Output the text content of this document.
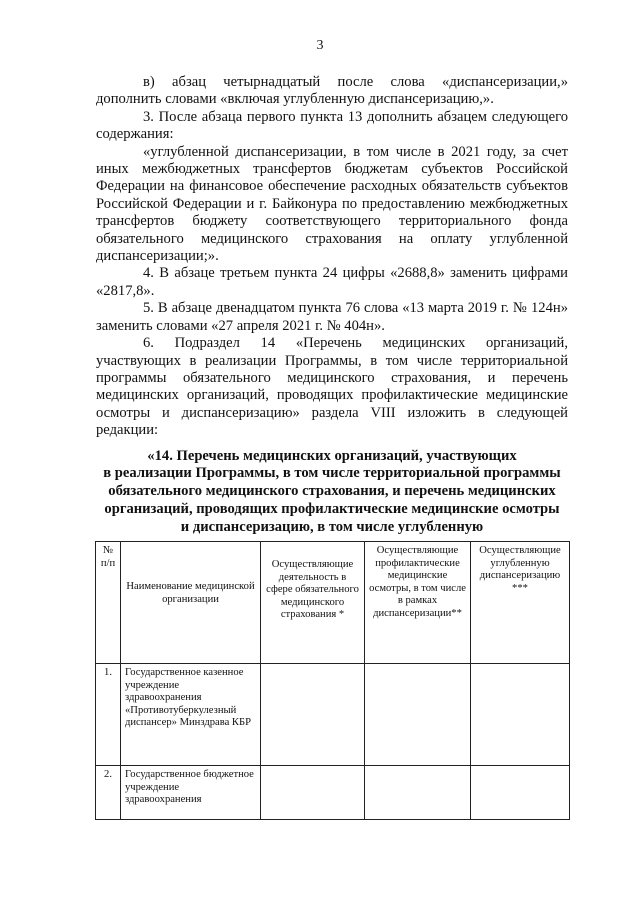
3

в) абзац четырнадцатый после слова «диспансеризации,» дополнить словами «включая углубленную диспансеризацию,».

3. После абзаца первого пункта 13 дополнить абзацем следующего содержания:

«углубленной диспансеризации, в том числе в 2021 году, за счет иных межбюджетных трансфертов бюджетам субъектов Российской Федерации на финансовое обеспечение расходных обязательств субъектов Российской Федерации и г. Байконура по предоставлению межбюджетных трансфертов бюджету соответствующего территориального фонда обязательного медицинского страхования на оплату углубленной диспансеризации;».

4. В абзаце третьем пункта 24 цифры «2688,8» заменить цифрами «2817,8».

5. В абзаце двенадцатом пункта 76 слова «13 марта 2019 г. № 124н» заменить словами «27 апреля 2021 г. № 404н».

6. Подраздел 14 «Перечень медицинских организаций, участвующих в реализации Программы, в том числе территориальной программы обязательного медицинского страхования, и перечень медицинских организаций, проводящих профилактические медицинские осмотры и диспансеризацию» раздела VIII изложить в следующей редакции:

«14. Перечень медицинских организаций, участвующих
в реализации Программы, в том числе территориальной программы
обязательного медицинского страхования, и перечень медицинских
организаций, проводящих профилактические медицинские осмотры
и диспансеризацию, в том числе углубленную
№ п/п	Наименование медицинской организации	Осуществляющие деятельность в сфере обязательного медицинского страхования *	Осуществляющие профилактические медицинские осмотры, в том числе в рамках диспансеризации**	Осуществляющие углубленную диспансеризацию ***
1.	Государственное казенное учреждение здравоохранения «Противотуберкулезный диспансер» Минздрава КБР			
2.	Государственное бюджетное учреждение здравоохранения			
